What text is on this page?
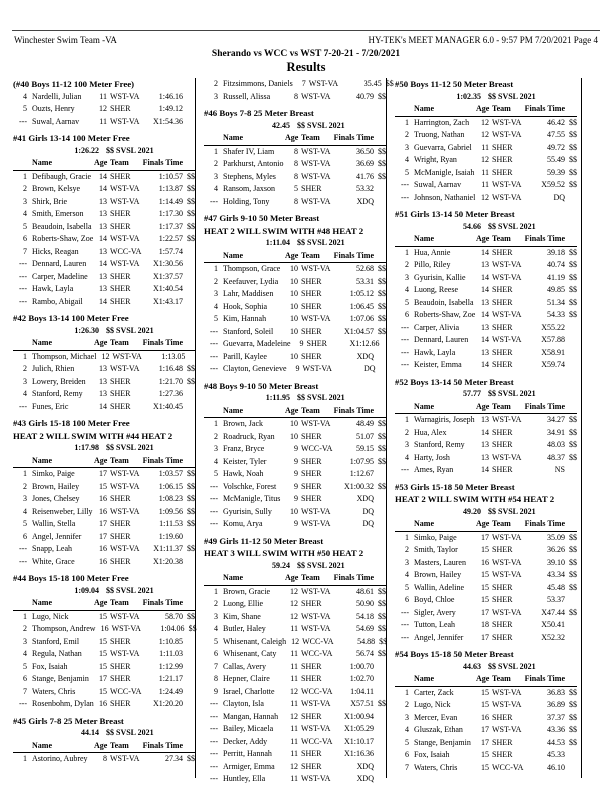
Winchester Swim Team -VA	HY-TEK's MEET MANAGER 6.0 - 9:57 PM 7/20/2021 Page 4
Sherando vs WCC vs WST 7-20-21 - 7/20/2021
Results
(#40 Boys 11-12 100 Meter Free)
4 Nardelli, Julian	11 WST-VA	1:46.16
5 Ouzts, Henry	12 SHER	1:49.12
--- Suwal, Aarnav	11 WST-VA	X1:54.36
#41 Girls 13-14 100 Meter Free
1:26.22 $$ SVSL 2021
Name	Age Team	Finals Time
1 Defibaugh, Gracie 14 SHER	1:10.57 $$
2 Brown, Kelsye	14 WST-VA	1:13.87 $$
3 Shirk, Brie	13 WST-VA	1:14.49 $$
4 Smith, Emerson	13 SHER	1:17.30 $$
5 Beaudoin, Isabella 13 SHER	1:17.37 $$
6 Roberts-Shaw, Zoe 14 WST-VA	1:22.57 $$
7 Hicks, Reagan	13 WCC-VA	1:57.74
--- Dennard, Lauren	14 WST-VA	X1:30.56
--- Carper, Madeline	13 SHER	X1:37.57
--- Hawk, Layla	13 SHER	X1:40.54
--- Rambo, Abigail	14 SHER	X1:43.17
#42 Boys 13-14 100 Meter Free
1:26.30 $$ SVSL 2021
Name	Age Team	Finals Time
1 Thompson, Michael 12 WST-VA	1:13.05
2 Julich, Rhien	13 WST-VA	1:16.48 $$
3 Lowery, Breiden	13 SHER	1:21.70 $$
4 Stanford, Remy	13 SHER	1:27.36
--- Funes, Eric	14 SHER	X1:40.45
#43 Girls 15-18 100 Meter Free
HEAT 2 WILL SWIM WITH #44 HEAT 2
1:17.98 $$ SVSL 2021
Name	Age Team	Finals Time
1 Simko, Paige	17 WST-VA	1:03.57 $$
2 Brown, Hailey	15 WST-VA	1:06.15 $$
3 Jones, Chelsey	16 SHER	1:08.23 $$
4 Reisenweber, Lilly 16 WST-VA	1:09.56 $$
5 Wallin, Stella	17 SHER	1:11.53 $$
6 Angel, Jennifer	17 SHER	1:19.60
--- Snapp, Leah	16 WST-VA	X1:11.37 $$
--- White, Grace	16 SHER	X1:20.38
#44 Boys 15-18 100 Meter Free
1:09.04 $$ SVSL 2021
Name	Age Team	Finals Time
1 Lugo, Nick	15 WST-VA	58.70 $$
2 Thompson, Andrew 16 WST-VA	1:04.06 $$
3 Stanford, Emil	15 SHER	1:10.85
4 Regula, Nathan	15 WST-VA	1:11.03
5 Fox, Isaiah	15 SHER	1:12.99
6 Stange, Benjamin	17 SHER	1:21.17
7 Waters, Chris	15 WCC-VA	1:24.49
--- Rosenbohm, Dylan 16 SHER	X1:20.20
#45 Girls 7-8 25 Meter Breast
44.14 $$ SVSL 2021
Name	Age Team	Finals Time
1 Astorino, Aubrey	8 WST-VA	27.34 $$
2 Fitzsimmons, Daniels	7 WST-VA	35.45 $$
3 Russell, Alissa	8 WST-VA	40.79 $$
#46 Boys 7-8 25 Meter Breast
42.45 $$ SVSL 2021
Name	Age Team	Finals Time
1 Shafer IV, Liam	8 WST-VA	36.50 $$
2 Parkhurst, Antonio	8 WST-VA	36.69 $$
3 Stephens, Myles	8 WST-VA	41.76 $$
4 Ransom, Jaxson	5 SHER	53.32
--- Holding, Tony	8 WST-VA	XDQ
#47 Girls 9-10 50 Meter Breast
HEAT 2 WILL SWIM WITH #48 HEAT 2
1:11.04 $$ SVSL 2021
Name	Age Team	Finals Time
1 Thompson, Grace	10 WST-VA	52.68 $$
2 Keefauver, Lydia	10 SHER	53.31 $$
3 Lahr, Maddisen	10 SHER	1:05.12 $$
4 Hook, Sophia	10 SHER	1:06.45 $$
5 Kim, Hannah	10 WST-VA	1:07.06 $$
--- Stanford, Soleil	10 SHER	X1:04.57 $$
--- Guevarra, Madeleine	9 SHER	X1:12.66
--- Parill, Kaylee	10 SHER	XDQ
--- Clayton, Genevieve	9 WST-VA	DQ
#48 Boys 9-10 50 Meter Breast
1:11.95 $$ SVSL 2021
Name	Age Team	Finals Time
1 Brown, Jack	10 WST-VA	48.49 $$
2 Roadruck, Ryan	10 SHER	51.07 $$
3 Franz, Bryce	9 WCC-VA	59.15 $$
4 Keister, Tyler	9 SHER	1:07.95 $$
5 Hawk, Noah	9 SHER	1:12.67
--- Volschke, Forest	9 SHER	X1:00.32 $$
--- McManigle, Titus	9 SHER	XDQ
--- Gyurisin, Sully	10 WST-VA	DQ
--- Komu, Arya	9 WST-VA	DQ
#49 Girls 11-12 50 Meter Breast
HEAT 3 WILL SWIM WITH #50 HEAT 2
59.24 $$ SVSL 2021
Name	Age Team	Finals Time
1 Brown, Gracie	12 WST-VA	48.61 $$
2 Luong, Ellie	12 SHER	50.90 $$
3 Kim, Shane	12 WST-VA	54.18 $$
4 Butler, Haley	11 WST-VA	54.69 $$
5 Whisenant, Caleigh 12 WCC-VA	54.88 $$
6 Whisenant, Caty	11 WCC-VA	56.74 $$
7 Callas, Avery	11 SHER	1:00.70
8 Hepner, Claire	11 SHER	1:02.70
9 Israel, Charlotte	12 WCC-VA	1:04.11
--- Clayton, Isla	11 WST-VA	X57.51 $$
--- Mangan, Hannah	12 SHER	X1:00.94
--- Bailey, Micaela	11 WST-VA	X1:05.29
--- Decker, Addy	11 WCC-VA	X1:10.17
--- Perritt, Hannah	11 SHER	X1:16.36
--- Armiger, Emma	12 SHER	XDQ
--- Huntley, Ella	11 WST-VA	XDQ
#50 Boys 11-12 50 Meter Breast
1:02.35 $$ SVSL 2021
Name	Age Team	Finals Time
1 Harrington, Zach	12 WST-VA	46.42 $$
2 Truong, Nathan	12 WST-VA	47.55 $$
3 Guevarra, Gabriel	11 SHER	49.72 $$
4 Wright, Ryan	12 SHER	55.49 $$
5 McManigle, Isaiah 11 SHER	59.39 $$
--- Suwal, Aarnav	11 WST-VA	X59.52 $$
--- Johnson, Nathaniel 12 WST-VA	DQ
#51 Girls 13-14 50 Meter Breast
54.66 $$ SVSL 2021
Name	Age Team	Finals Time
1 Hua, Annie	14 SHER	39.18 $$
2 Pillo, Riley	13 WST-VA	40.74 $$
3 Gyurisin, Kallie	14 WST-VA	41.19 $$
4 Luong, Reese	14 SHER	49.85 $$
5 Beaudoin, Isabella 13 SHER	51.34 $$
6 Roberts-Shaw, Zoe 14 WST-VA	54.33 $$
--- Carper, Alivia	13 SHER	X55.22
--- Dennard, Lauren	14 WST-VA	X57.88
--- Hawk, Layla	13 SHER	X58.91
--- Keister, Emma	14 SHER	X59.74
#52 Boys 13-14 50 Meter Breast
57.77 $$ SVSL 2021
Name	Age Team	Finals Time
1 Warnagiris, Joseph 13 WST-VA	34.27 $$
2 Hua, Alex	14 SHER	34.91 $$
3 Stanford, Remy	13 SHER	48.03 $$
4 Harty, Josh	13 WST-VA	48.37 $$
--- Ames, Ryan	14 SHER	NS
#53 Girls 15-18 50 Meter Breast
HEAT 2 WILL SWIM WITH #54 HEAT 2
49.20 $$ SVSL 2021
Name	Age Team	Finals Time
1 Simko, Paige	17 WST-VA	35.09 $$
2 Smith, Taylor	15 SHER	36.26 $$
3 Masters, Lauren	16 WST-VA	39.10 $$
4 Brown, Hailey	15 WST-VA	43.34 $$
5 Wallin, Adeline	15 SHER	45.48 $$
6 Boyd, Chloe	15 SHER	53.37
--- Sigler, Avery	17 WST-VA	X47.44 $$
--- Tutton, Leah	18 SHER	X50.41
--- Angel, Jennifer	17 SHER	X52.32
#54 Boys 15-18 50 Meter Breast
44.63 $$ SVSL 2021
Name	Age Team	Finals Time
1 Carter, Zack	15 WST-VA	36.83 $$
2 Lugo, Nick	15 WST-VA	36.89 $$
3 Mercer, Evan	16 SHER	37.37 $$
4 Gluszak, Ethan	17 WST-VA	43.36 $$
5 Stange, Benjamin	17 SHER	44.53 $$
6 Fox, Isaiah	15 SHER	45.33
7 Waters, Chris	15 WCC-VA	46.10
